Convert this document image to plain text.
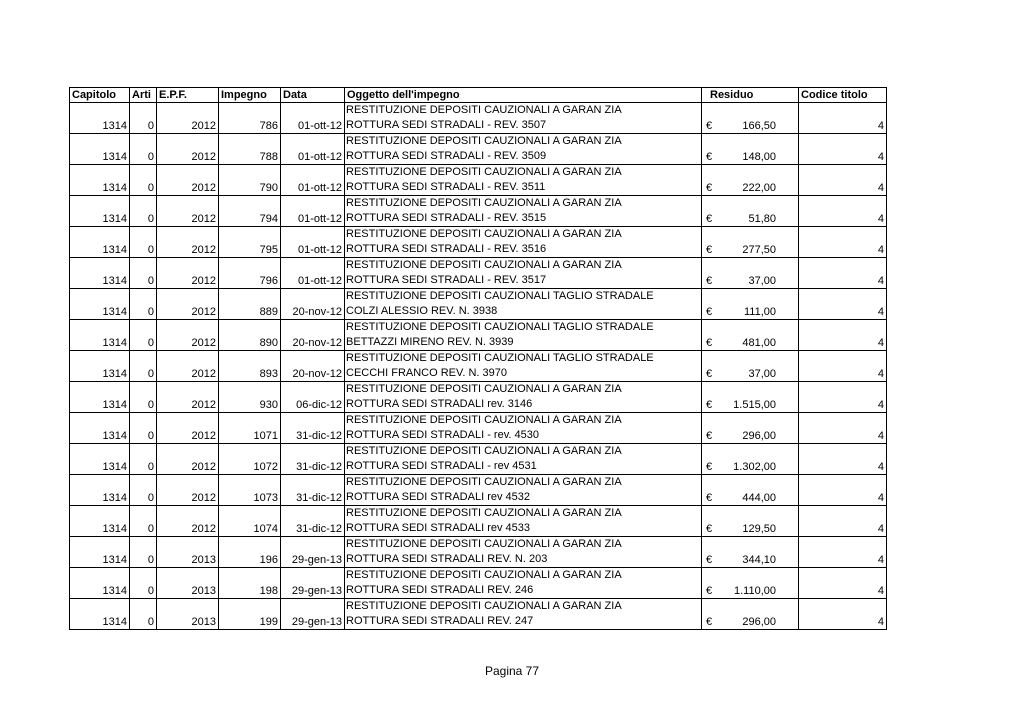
Capitolo	Arti	E.P.F.	Impegno	Data	Oggetto dell'impegno	Residuo	Codice titolo
1314	0	2012	786	01-ott-12	RESTITUZIONE DEPOSITI CAUZIONALI A GARAN ZIA
ROTTURA SEDI STRADALI - REV. 3507	€ 166,50	4
1314	0	2012	788	01-ott-12	RESTITUZIONE DEPOSITI CAUZIONALI A GARAN ZIA
ROTTURA SEDI STRADALI - REV. 3509	€ 148,00	4
1314	0	2012	790	01-ott-12	RESTITUZIONE DEPOSITI CAUZIONALI A GARAN ZIA
ROTTURA SEDI STRADALI - REV. 3511	€ 222,00	4
1314	0	2012	794	01-ott-12	RESTITUZIONE DEPOSITI CAUZIONALI A GARAN ZIA
ROTTURA SEDI STRADALI - REV. 3515	€ 51,80	4
1314	0	2012	795	01-ott-12	RESTITUZIONE DEPOSITI CAUZIONALI A GARAN ZIA
ROTTURA SEDI STRADALI - REV. 3516	€ 277,50	4
1314	0	2012	796	01-ott-12	RESTITUZIONE DEPOSITI CAUZIONALI A GARAN ZIA
ROTTURA SEDI STRADALI - REV. 3517	€ 37,00	4
1314	0	2012	889	20-nov-12	RESTITUZIONE DEPOSITI CAUZIONALI TAGLIO STRADALE
COLZI ALESSIO REV. N. 3938	€ 111,00	4
1314	0	2012	890	20-nov-12	RESTITUZIONE DEPOSITI CAUZIONALI TAGLIO STRADALE
BETTAZZI MIRENO REV. N. 3939	€ 481,00	4
1314	0	2012	893	20-nov-12	RESTITUZIONE DEPOSITI CAUZIONALI TAGLIO STRADALE
CECCHI FRANCO REV. N. 3970	€ 37,00	4
1314	0	2012	930	06-dic-12	RESTITUZIONE DEPOSITI CAUZIONALI A GARAN ZIA
ROTTURA SEDI STRADALI rev. 3146	€ 1.515,00	4
1314	0	2012	1071	31-dic-12	RESTITUZIONE DEPOSITI CAUZIONALI A GARAN ZIA
ROTTURA SEDI STRADALI - rev. 4530	€ 296,00	4
1314	0	2012	1072	31-dic-12	RESTITUZIONE DEPOSITI CAUZIONALI A GARAN ZIA
ROTTURA SEDI STRADALI - rev 4531	€ 1.302,00	4
1314	0	2012	1073	31-dic-12	RESTITUZIONE DEPOSITI CAUZIONALI A GARAN ZIA
ROTTURA SEDI STRADALI rev 4532	€ 444,00	4
1314	0	2012	1074	31-dic-12	RESTITUZIONE DEPOSITI CAUZIONALI A GARAN ZIA
ROTTURA SEDI STRADALI rev 4533	€ 129,50	4
1314	0	2013	196	29-gen-13	RESTITUZIONE DEPOSITI CAUZIONALI A GARAN ZIA
ROTTURA SEDI STRADALI REV. N. 203	€ 344,10	4
1314	0	2013	198	29-gen-13	RESTITUZIONE DEPOSITI CAUZIONALI A GARAN ZIA
ROTTURA SEDI STRADALI REV. 246	€ 1.110,00	4
1314	0	2013	199	29-gen-13	RESTITUZIONE DEPOSITI CAUZIONALI A GARAN ZIA
ROTTURA SEDI STRADALI REV. 247	€ 296,00	4
Pagina 77
